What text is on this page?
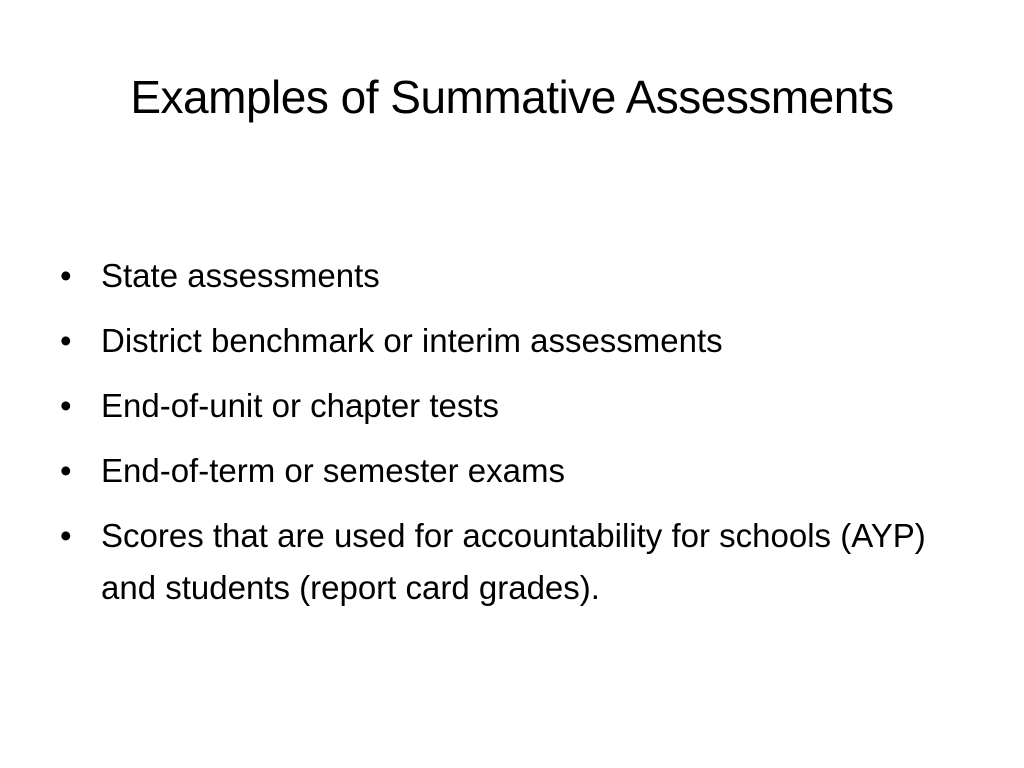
Examples of Summative Assessments
• State assessments
• District benchmark or interim assessments
• End-of-unit or chapter tests
• End-of-term or semester exams
• Scores that are used for accountability for schools (AYP) and students (report card grades).
